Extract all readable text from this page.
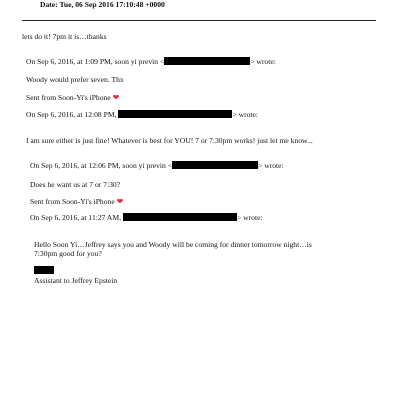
Date: Tue, 06 Sep 2016 17:10:48 +0000
lets do it! 7pm it is…thanks
On Sep 6, 2016, at 1:09 PM, soon yi previn <	> wrote:
Woody would prefer seven. Thx
Sent from Soon-Yi's iPhone ❤
On Sep 6, 2016, at 12:08 PM,	> wrote:
I am sure either is just fine! Whatever is best for YOU! 7 or 7:30pm works! just let me know...
On Sep 6, 2016, at 12:06 PM, soon yi previn <	> wrote:
Does he want us at 7 or 7:30?
Sent from Soon-Yi's iPhone ❤
On Sep 6, 2016, at 11:27 AM,	> wrote:
Hello Soon Yi…Jeffrey says you and Woody will be coming for dinner tomorrow night…is 7:30pm good for you?
Assistant to Jeffrey Epstein
